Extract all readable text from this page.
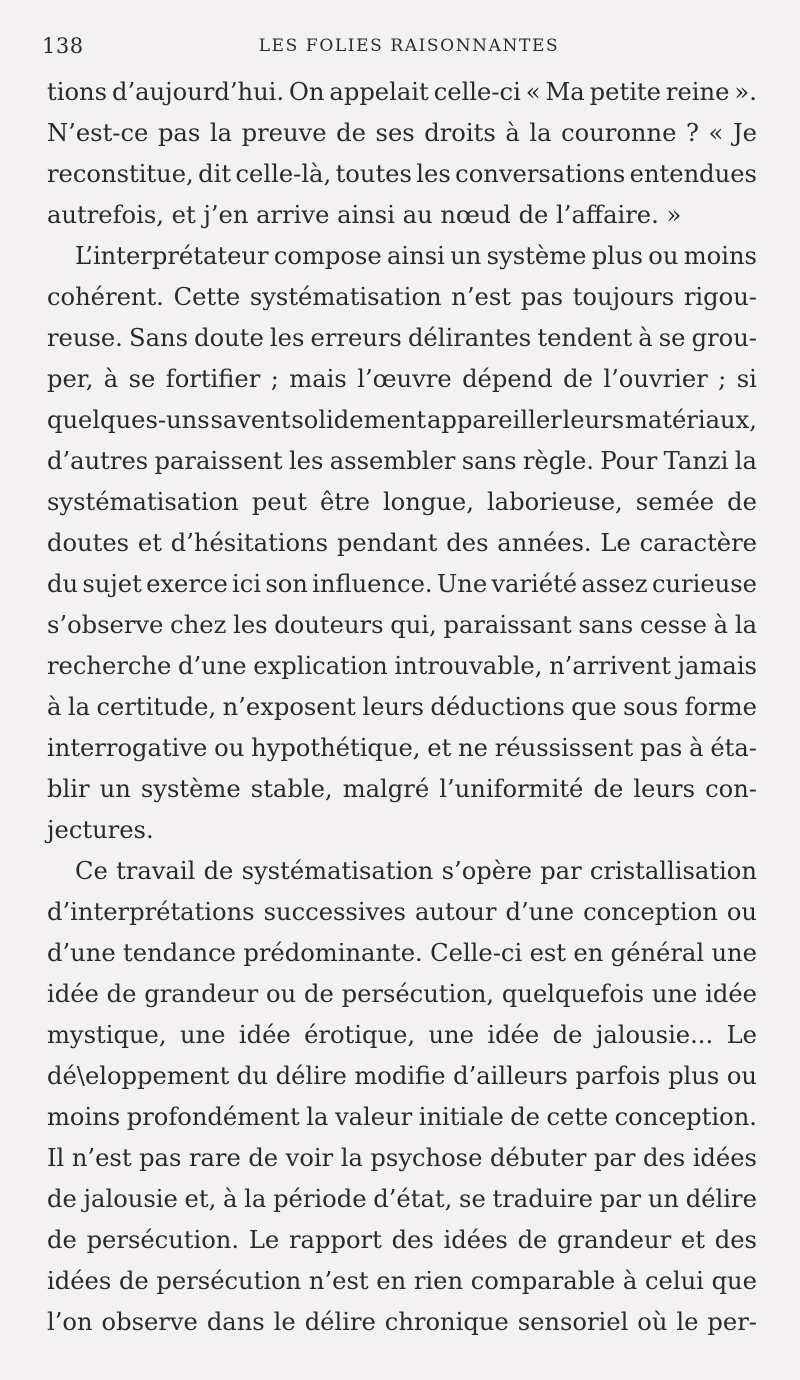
138	LES FOLIES RAISONNANTES
tions d’aujourd’hui. On appelait celle-ci « Ma petite reine ».
N’est-ce pas la preuve de ses droits à la couronne ? « Je
reconstitue, dit celle-là, toutes les conversations entendues
autrefois, et j’en arrive ainsi au nœud de l’affaire. »
L’interprétateur compose ainsi un système plus ou moins
cohérent. Cette systématisation n’est pas toujours rigou-
reuse. Sans doute les erreurs délirantes tendent à se grou-
per, à se fortifier ; mais l’œuvre dépend de l’ouvrier ; si
quelques-uns savent solidement appareiller leurs matériaux,
d’autres paraissent les assembler sans règle. Pour Tanzi la
systématisation peut être longue, laborieuse, semée de
doutes et d’hésitations pendant des années. Le caractère
du sujet exerce ici son influence. Une variété assez curieuse
s’observe chez les douteurs qui, paraissant sans cesse à la
recherche d’une explication introuvable, n’arrivent jamais
à la certitude, n’exposent leurs déductions que sous forme
interrogative ou hypothétique, et ne réussissent pas à éta-
blir un système stable, malgré l’uniformité de leurs con-
jectures.
Ce travail de systématisation s’opère par cristallisation
d’interprétations successives autour d’une conception ou
d’une tendance prédominante. Celle-ci est en général une
idée de grandeur ou de persécution, quelquefois une idée
mystique, une idée érotique, une idée de jalousie... Le
dé\eloppement du délire modifie d’ailleurs parfois plus ou
moins profondément la valeur initiale de cette conception.
Il n’est pas rare de voir la psychose débuter par des idées
de jalousie et, à la période d’état, se traduire par un délire
de persécution. Le rapport des idées de grandeur et des
idées de persécution n’est en rien comparable à celui que
l’on observe dans le délire chronique sensoriel où le per-
